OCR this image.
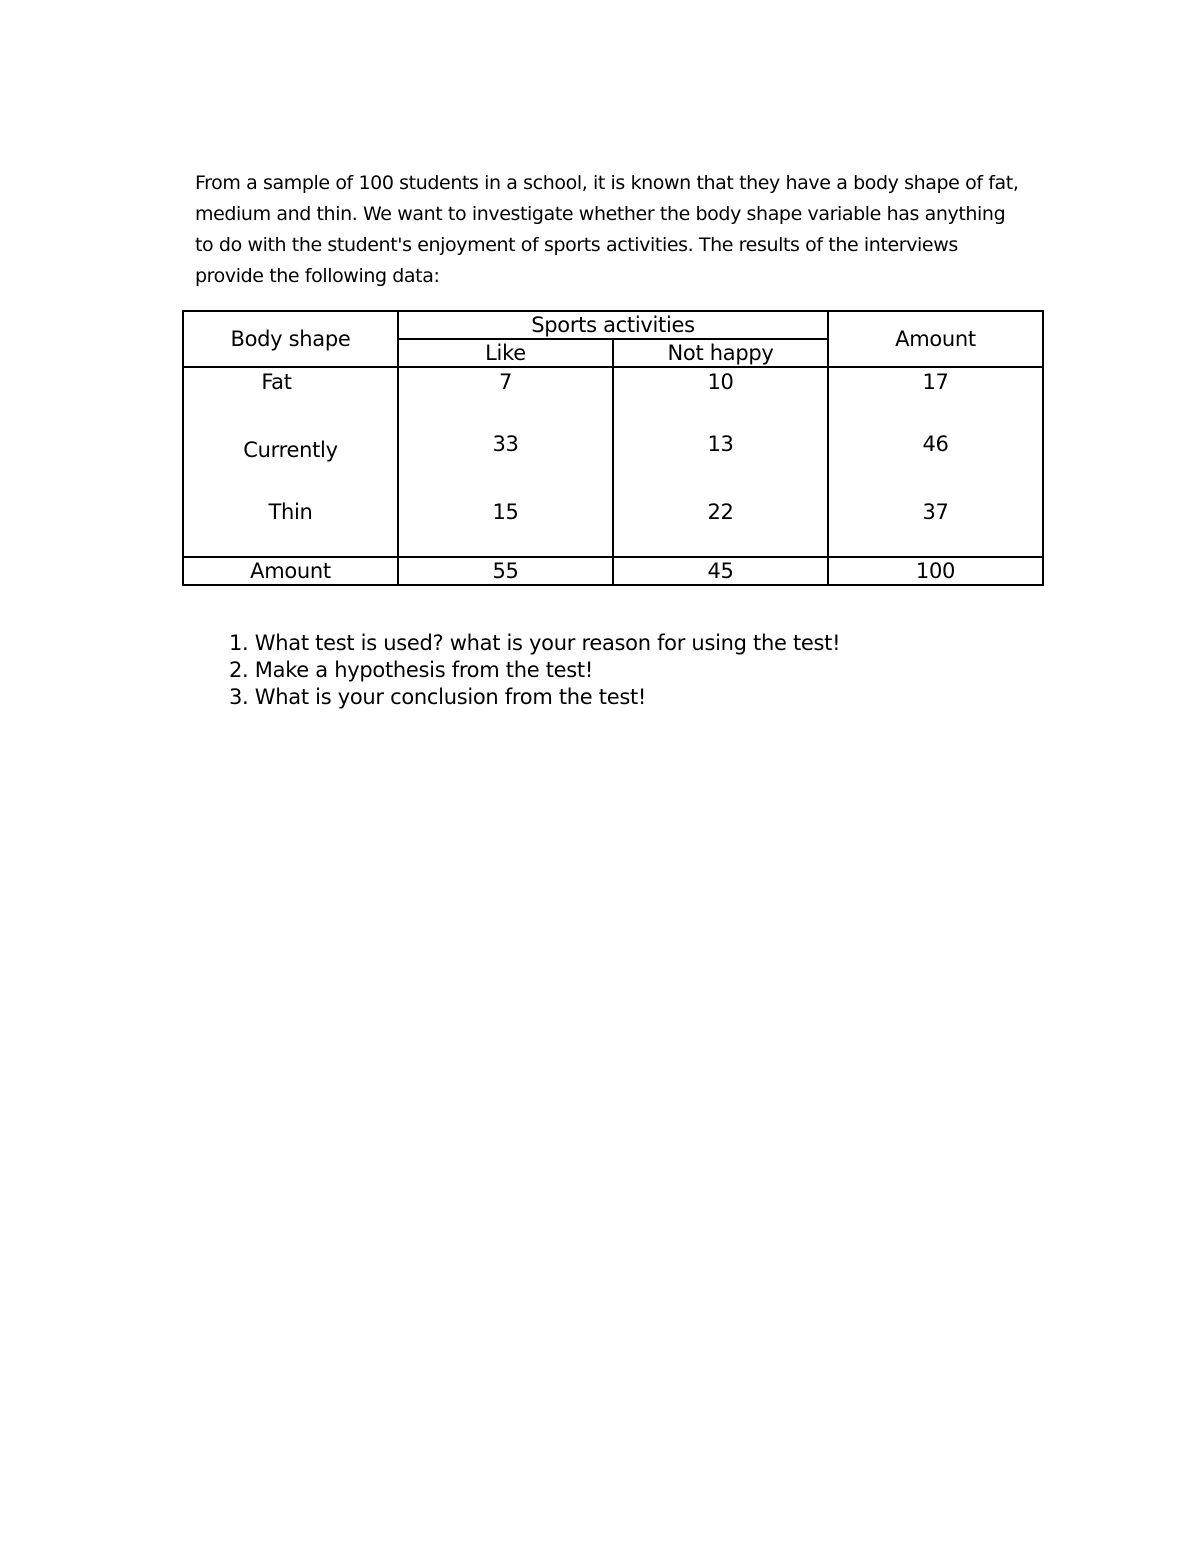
From a sample of 100 students in a school, it is known that they have a body shape of fat,
medium and thin. We want to investigate whether the body shape variable has anything
to do with the student's enjoyment of sports activities. The results of the interviews
provide the following data:
Body shape	Sports activities		Amount
	Like	Not happy	
Fat	7	10	17
Currently	33	13	46
Thin	15	22	37
Amount	55	45	100
1. What test is used? what is your reason for using the test!
2. Make a hypothesis from the test!
3. What is your conclusion from the test!
